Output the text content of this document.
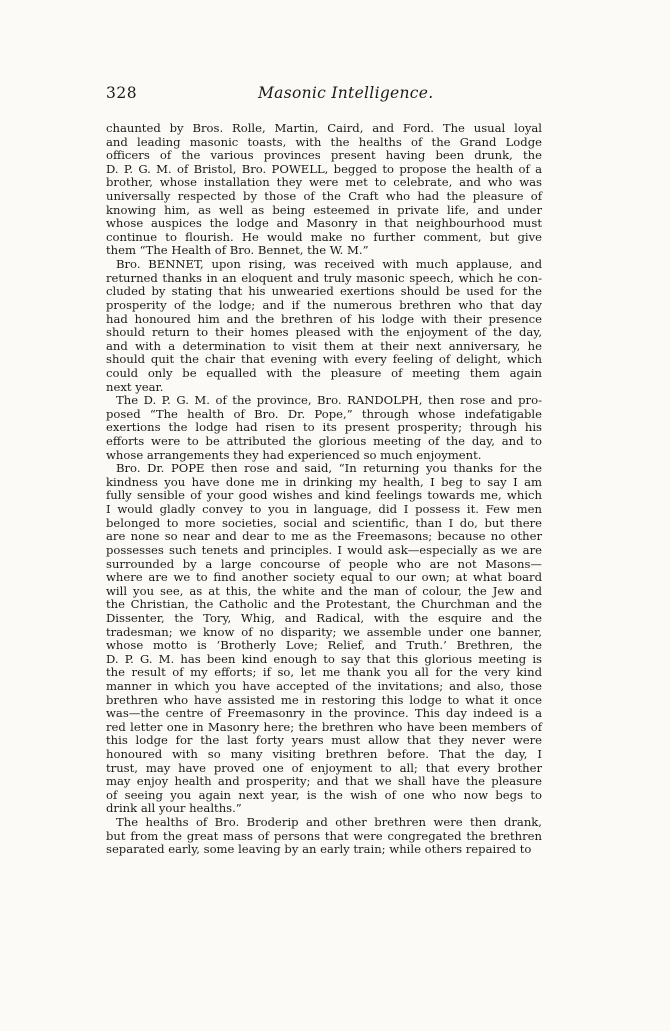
328	Masonic Intelligence.
chaunted by Bros. Rolle, Martin, Caird, and Ford. The usual loyal
and leading masonic toasts, with the healths of the Grand Lodge
officers of the various provinces present having been drunk, the
D. P. G. M. of Bristol, Bro. POWELL, begged to propose the health of a
brother, whose installation they were met to celebrate, and who was
universally respected by those of the Craft who had the pleasure of
knowing him, as well as being esteemed in private life, and under
whose auspices the lodge and Masonry in that neighbourhood must
continue to flourish. He would make no further comment, but give
them “The Health of Bro. Bennet, the W. M.”
Bro. BENNET, upon rising, was received with much applause, and
returned thanks in an eloquent and truly masonic speech, which he con-
cluded by stating that his unwearied exertions should be used for the
prosperity of the lodge; and if the numerous brethren who that day
had honoured him and the brethren of his lodge with their presence
should return to their homes pleased with the enjoyment of the day,
and with a determination to visit them at their next anniversary, he
should quit the chair that evening with every feeling of delight, which
could only be equalled with the pleasure of meeting them again
next year.
The D. P. G. M. of the province, Bro. RANDOLPH, then rose and pro-
posed “The health of Bro. Dr. Pope,” through whose indefatigable
exertions the lodge had risen to its present prosperity; through his
efforts were to be attributed the glorious meeting of the day, and to
whose arrangements they had experienced so much enjoyment.
Bro. Dr. POPE then rose and said, “In returning you thanks for the
kindness you have done me in drinking my health, I beg to say I am
fully sensible of your good wishes and kind feelings towards me, which
I would gladly convey to you in language, did I possess it. Few men
belonged to more societies, social and scientific, than I do, but there
are none so near and dear to me as the Freemasons; because no other
possesses such tenets and principles. I would ask—especially as we are
surrounded by a large concourse of people who are not Masons—
where are we to find another society equal to our own; at what board
will you see, as at this, the white and the man of colour, the Jew and
the Christian, the Catholic and the Protestant, the Churchman and the
Dissenter, the Tory, Whig, and Radical, with the esquire and the
tradesman; we know of no disparity; we assemble under one banner,
whose motto is ‘Brotherly Love; Relief, and Truth.’ Brethren, the
D. P. G. M. has been kind enough to say that this glorious meeting is
the result of my efforts; if so, let me thank you all for the very kind
manner in which you have accepted of the invitations; and also, those
brethren who have assisted me in restoring this lodge to what it once
was—the centre of Freemasonry in the province. This day indeed is a
red letter one in Masonry here; the brethren who have been members of
this lodge for the last forty years must allow that they never were
honoured with so many visiting brethren before. That the day, I
trust, may have proved one of enjoyment to all; that every brother
may enjoy health and prosperity; and that we shall have the pleasure
of seeing you again next year, is the wish of one who now begs to
drink all your healths.”
The healths of Bro. Broderip and other brethren were then drank,
but from the great mass of persons that were congregated the brethren
separated early, some leaving by an early train; while others repaired to
